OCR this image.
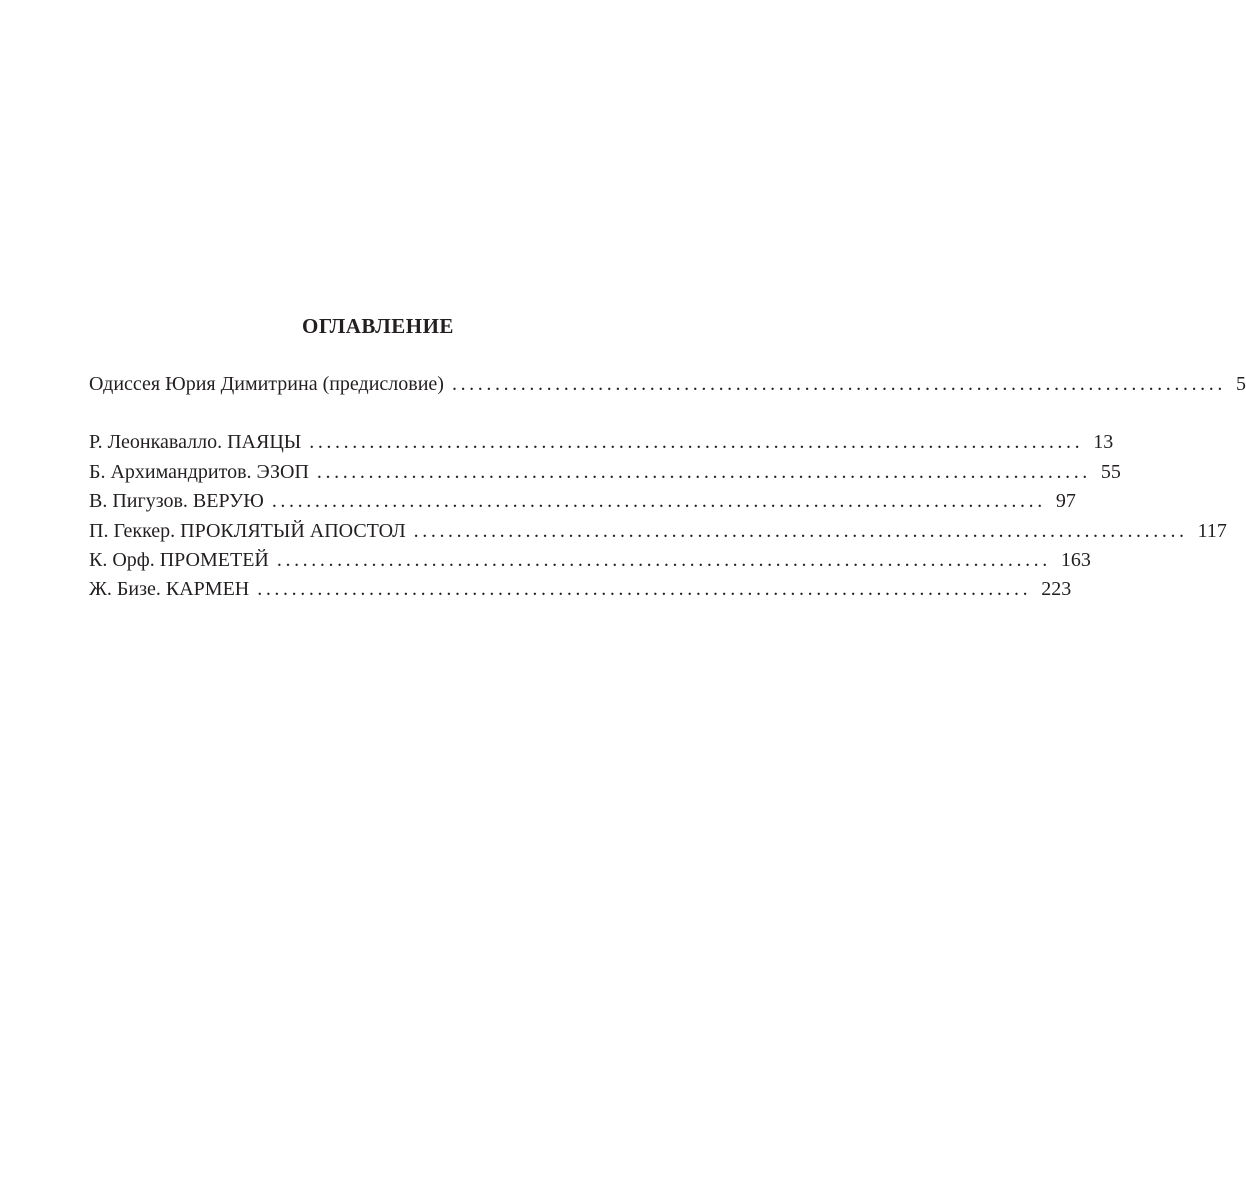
ОГЛАВЛЕНИЕ
Одиссея Юрия Димитрина (предисловие) .......................................................................................... 5
Р. Леонкавалло. ПАЯЦЫ .......................................................................................... 13
Б. Архимандритов. ЭЗОП .......................................................................................... 55
В. Пигузов. ВЕРУЮ .......................................................................................... 97
П. Геккер. ПРОКЛЯТЫЙ АПОСТОЛ .......................................................................................... 117
К. Орф. ПРОМЕТЕЙ .......................................................................................... 163
Ж. Бизе. КАРМЕН .......................................................................................... 223
